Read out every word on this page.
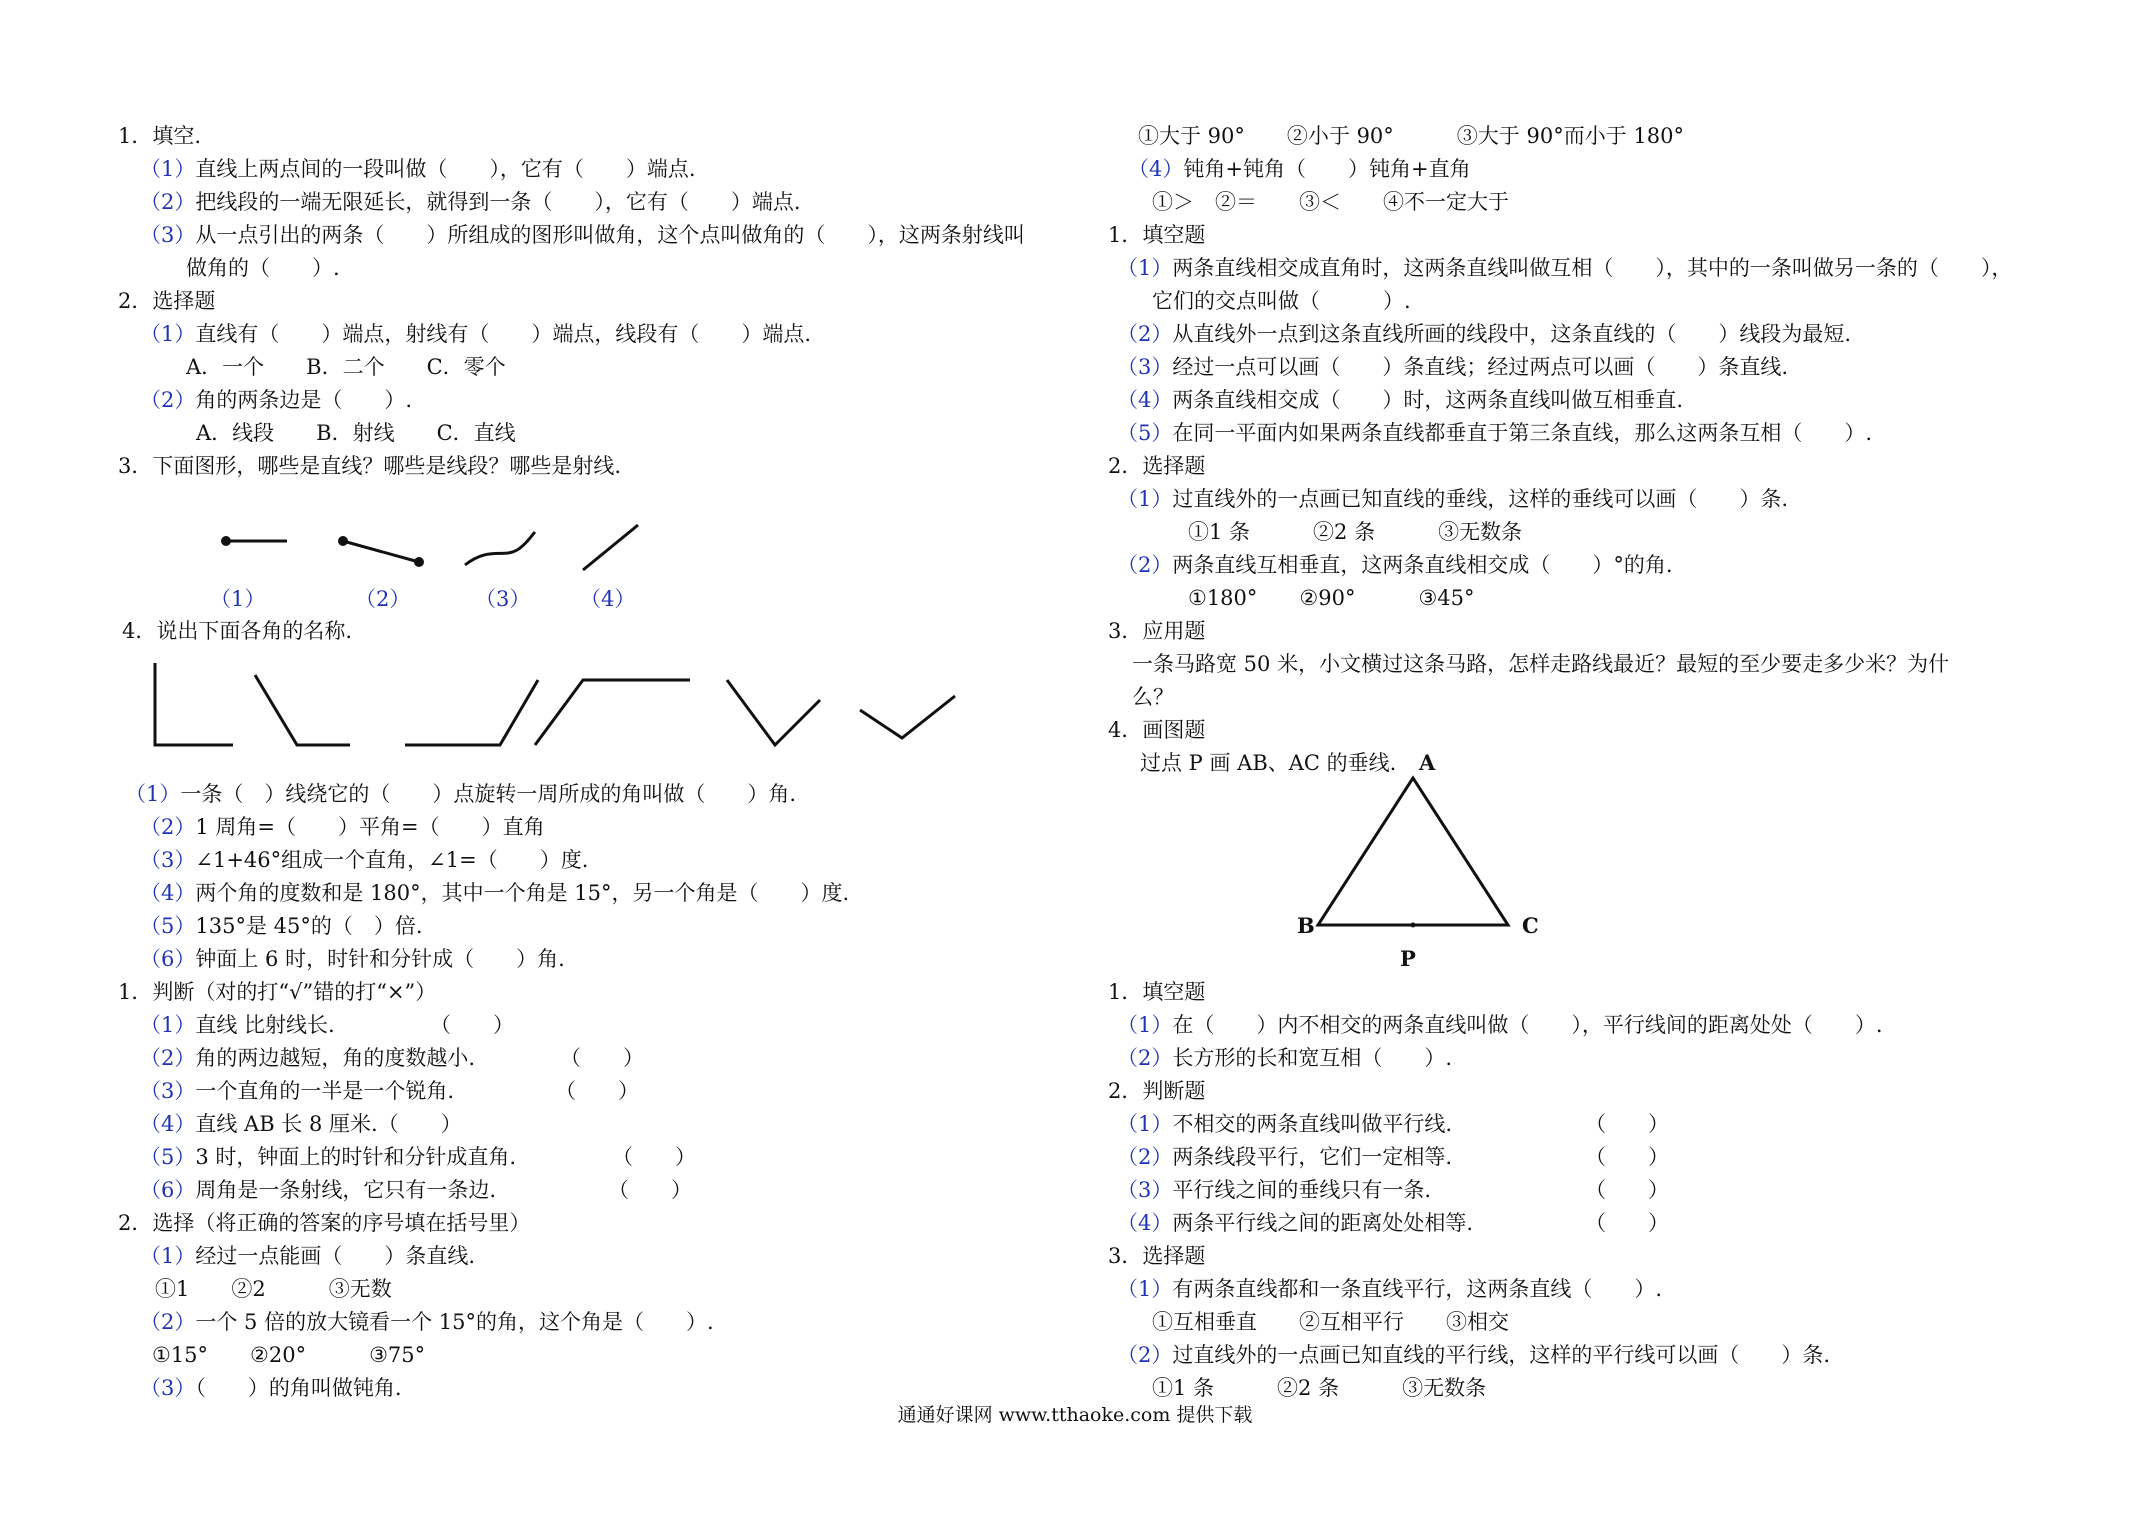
1．填空.
（1）直线上两点间的一段叫做（　　），它有（　　）端点.
（2）把线段的一端无限延长，就得到一条（　　），它有（　　）端点.
（3）从一点引出的两条（　　）所组成的图形叫做角，这个点叫做角的（　　），这两条射线叫
做角的（　　）.
2．选择题
（1）直线有（　　）端点，射线有（　　）端点，线段有（　　）端点.
A．一个　　B．二个　　C．零个
（2）角的两条边是（　　）.
A．线段　　B．射线　　C．直线
3．下面图形，哪些是直线？哪些是线段？哪些是射线.
（1）	（2）	（3） （4）
4．说出下面各角的名称.
（1）一条（　）线绕它的（　　）点旋转一周所成的角叫做（　　）角.
（2）1 周角=（　　）平角=（　　）直角
（3）∠1+46°组成一个直角，∠1=（　　）度.
（4）两个角的度数和是 180°，其中一个角是 15°，另一个角是（　　）度.
（5）135°是 45°的（　）倍.
（6）钟面上 6 时，时针和分针成（　　）角.
1．判断（对的打“√”错的打“×”）
（1）直线 比射线长.	（　　）
（2）角的两边越短，角的度数越小.	（　　）
（3）一个直角的一半是一个锐角.	（　　）
（4）直线 AB 长 8 厘米.（　　）
（5）3 时，钟面上的时针和分针成直角.	（　　）
（6）周角是一条射线，它只有一条边.	（　　）
2．选择（将正确的答案的序号填在括号里）
（1）经过一点能画（　　）条直线.
①1　　②2　　　③无数
（2）一个 5 倍的放大镜看一个 15°的角，这个角是（　　）.
①15°　　②20°　　　③75°
（3）（　　）的角叫做钝角.
①大于 90°　　②小于 90°　　　③大于 90°而小于 180°
（4）钝角+钝角（　　）钝角+直角
①＞　②＝　　③＜　　④不一定大于
1．填空题
（1）两条直线相交成直角时，这两条直线叫做互相（　　），其中的一条叫做另一条的（　　），
它们的交点叫做（　　　）.
（2）从直线外一点到这条直线所画的线段中，这条直线的（　　）线段为最短.
（3）经过一点可以画（　　）条直线；经过两点可以画（　　）条直线.
（4）两条直线相交成（　　）时，这两条直线叫做互相垂直.
（5）在同一平面内如果两条直线都垂直于第三条直线，那么这两条互相（　　）.
2．选择题
（1）过直线外的一点画已知直线的垂线，这样的垂线可以画（　　）条.
①1 条　　　②2 条　　　③无数条
（2）两条直线互相垂直，这两条直线相交成（　　）°的角.
①180°　　②90°　　　③45°
3．应用题
一条马路宽 50 米，小文横过这条马路，怎样走路线最近？最短的至少要走多少米？为什
么？
4．画图题
过点 P 画 AB、AC 的垂线. A
B	C
P
1．填空题
（1）在（　　）内不相交的两条直线叫做（　　），平行线间的距离处处（　　）.
（2）长方形的长和宽互相（　　）.
2．判断题
（1）不相交的两条直线叫做平行线.	（　　）
（2）两条线段平行，它们一定相等.	（　　）
（3）平行线之间的垂线只有一条.	（　　）
（4）两条平行线之间的距离处处相等.	（　　）
3．选择题
（1）有两条直线都和一条直线平行，这两条直线（　　）.
①互相垂直　　②互相平行　　③相交
（2）过直线外的一点画已知直线的平行线，这样的平行线可以画（　　）条.
①1 条　　　②2 条　　　③无数条
通通好课网 www.tthaoke.com 提供下载
